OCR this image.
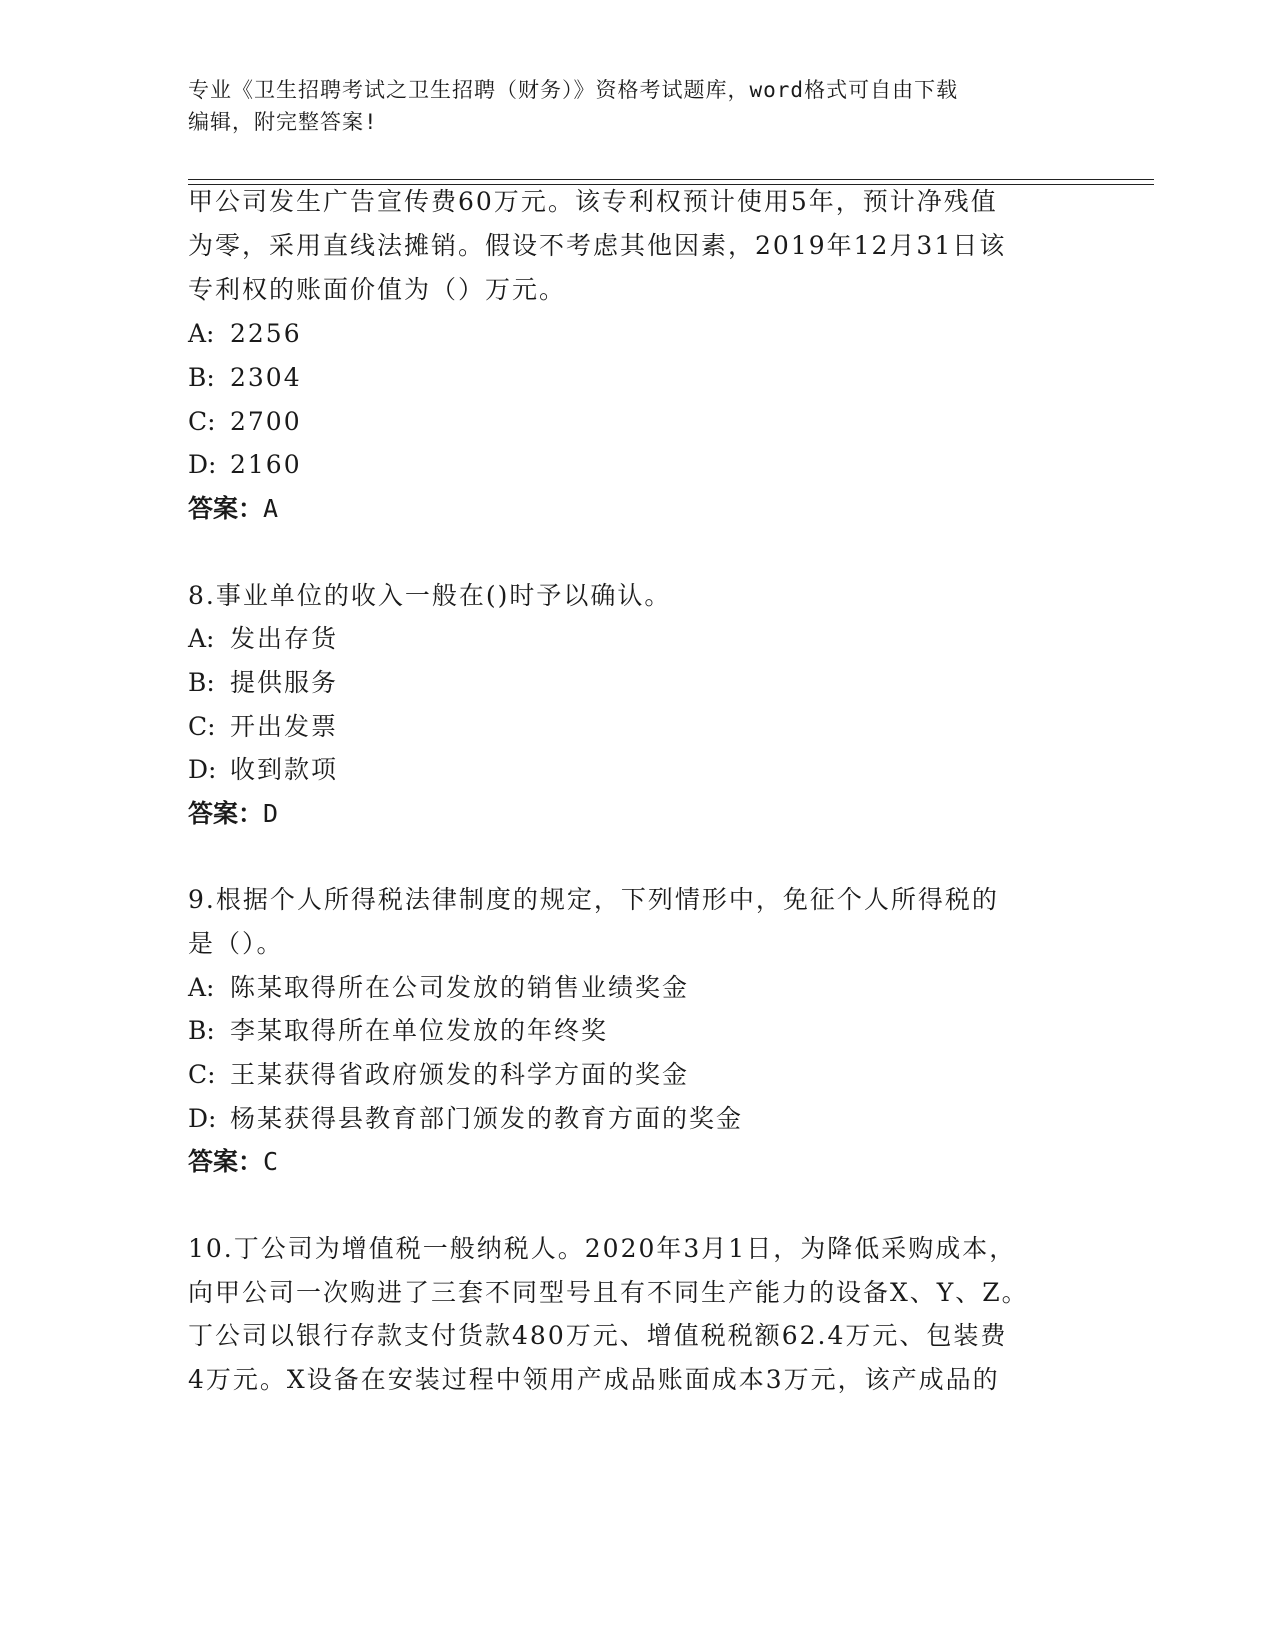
专业《卫生招聘考试之卫生招聘（财务）》资格考试题库，word格式可自由下载
编辑，附完整答案!
甲公司发生广告宣传费60万元。该专利权预计使用5年，预计净残值
为零，采用直线法摊销。假设不考虑其他因素，2019年12月31日该
专利权的账面价值为（）万元。
A: 2256
B: 2304
C: 2700
D: 2160
答案：A
8.事业单位的收入一般在()时予以确认。
A: 发出存货
B: 提供服务
C: 开出发票
D: 收到款项
答案：D
9.根据个人所得税法律制度的规定，下列情形中，免征个人所得税的
是（）。
A: 陈某取得所在公司发放的销售业绩奖金
B: 李某取得所在单位发放的年终奖
C: 王某获得省政府颁发的科学方面的奖金
D: 杨某获得县教育部门颁发的教育方面的奖金
答案：C
10.丁公司为增值税一般纳税人。2020年3月1日，为降低采购成本，
向甲公司一次购进了三套不同型号且有不同生产能力的设备X、Y、Z。
丁公司以银行存款支付货款480万元、增值税税额62.4万元、包装费
4万元。X设备在安装过程中领用产成品账面成本3万元，该产成品的
